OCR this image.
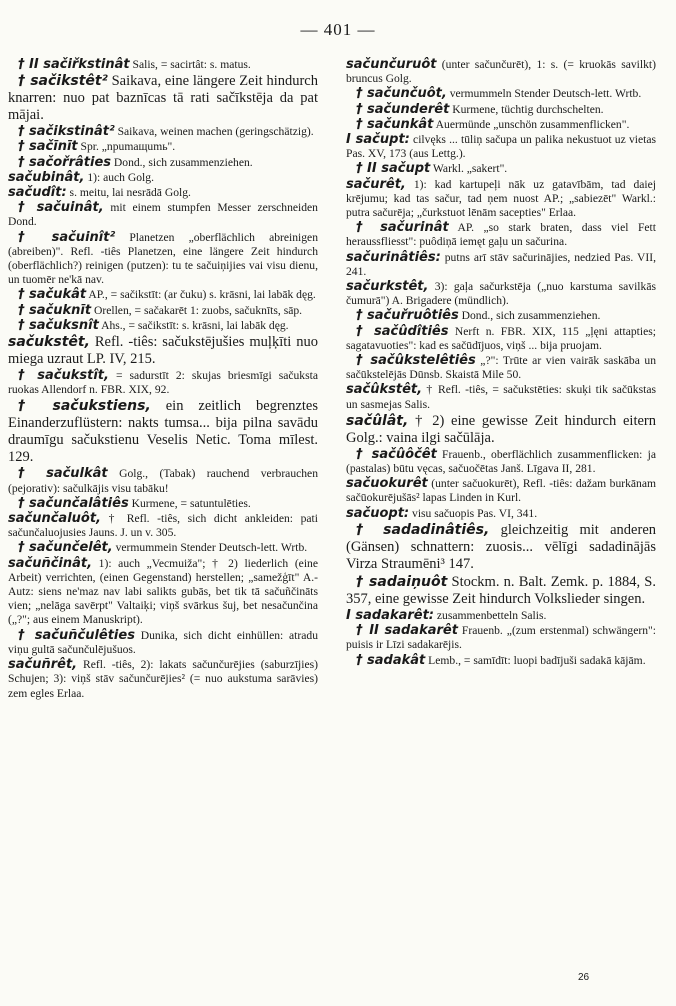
— 401 —

† II sačiřkstinât Salis, = sacirtât: s. matus.

† sačikstêt² Saikava, eine längere Zeit hindurch knarren: nuo pat baznīcas tā rati sačīkstēja da pat mājai.

† sačikstinât² Saikava, weinen machen (geringschätzig).

† sačīnīt Spr. „npumaщumь".

† sačořrâties Dond., sich zusammenziehen.

sačubinât, 1): auch Golg.

sačudît: s. meitu, lai nesrādā Golg.

† sačuinât, mit einem stumpfen Messer zerschneiden Dond.

† sačuinît² Planetzen „oberflächlich abreinigen (abreiben)". Refl. -tiês Planetzen, eine längere Zeit hindurch (oberflächlich?) reinigen (putzen): tu te sačuiņijies vai visu dienu, un tuomēr ne'kā nav.

† sačukât AP., = sačikstīt: (ar čuku) s. krāsni, lai labāk dęg.

† sačuknīt Orellen, = sačakarēt 1: zuobs, sačuknīts, sāp.

† sačuksnît Ahs., = sačikstīt: s. krāsni, lai labāk dęg.

sačukstêt, Refl. -tiês: sačukstējušies muļķīti nuo miega uzraut LP. IV, 215.

† sačukstît, = sadurstīt 2: skujas briesmīgi sačuksta ruokas Allendorf n. FBR. XIX, 92.

† sačukstiens, ein zeitlich begrenztes Einanderzuflüstern: nakts tumsa... bija pilna savādu draumīgu sačukstienu Veselis Netic. Toma mīlest. 129.

† sačulkât Golg., (Tabak) rauchend verbrauchen (pejorativ): sačulkājis visu tabāku!

† sačunčalâtiês Kurmene, = satuntulēties.

sačunčaluôt, † Refl. -tiês, sich dicht ankleiden: pati sačunčaluojusies Jauns. J. un v. 305.

† sačunčelêt, vermummein Stender Deutsch-lett. Wrtb.

sačuñčinât, 1): auch „Vecmuiža"; † 2) liederlich (eine Arbeit) verrichten, (einen Gegenstand) herstellen; „samežģīt" A.-Autz: siens ne'maz nav labi salikts gubās, bet tik tā sačuñčināts vien; „nelāga savērpt" Valtaiķi; viņš svārkus šuj, bet nesačunčina („?"; aus einem Manuskript).

† sačuñčulêties Dunika, sich dicht einhüllen: atradu viņu gultā sačunčulējušuos.

sačuñrêt, Refl. -tiês, 2): lakats sačunčurējies (saburzījies) Schujen; 3): viņš stāv sačunčurējies² (= nuo aukstuma sarāvies) zem egles Erlaa.

sačunčuruôt (unter sačunčurēt), 1: s. (= kruokās savilkt) bruncus Golg.

† sačunčuôt, vermummeln Stender Deutsch-lett. Wrtb.

† sačunderêt Kurmene, tüchtig durchschelten.

† sačunkât Auermünde „unschön zusammenflicken".

I sačupt: cilvęks ... tūliņ sačupa un palika nekustuot uz vietas Pas. XV, 173 (aus Lettg.).

† II sačupt Warkl. „sakert".

sačurêt, 1): kad kartupeļi nāk uz gatavībām, tad daiej krējumu; kad tas sačur, tad ņem nuost AP.; „sabiezēt" Warkl.: putra sačurēja; „čurkstuot lēnām sacepties" Erlaa.

† sačurinât AP. „so stark braten, dass viel Fett heraussfliesst": puôdiņā iemęt gaļu un sačurina.

sačurinâtiês: putns arī stāv sačurinājies, nedzied Pas. VII, 241.

sačurkstêt, 3): gaļa sačurkstēja („nuo karstuma savilkās čumurā") A. Brigadere (mündlich).

† sačuřruôtiês Dond., sich zusammenziehen.

† sačûdîtiês Nerft n. FBR. XIX, 115 „ļęni attapties; sagatavuoties": kad es sačūdījuos, viņš ... bija pruojam.

† sačûkstelêtiês „?": Trūte ar vien vairāk saskāba un sačūkstelējās Dūnsb. Skaistā Mile 50.

sačûkstêt, † Refl. -tiês, = sačukstēties: skuķi tik sačūkstas un sasmejas Salis.

sačûlât, † 2) eine gewisse Zeit hindurch eitern Golg.: vaina ilgi sačūlāja.

† sačûôčêt Frauenb., oberflächlich zusammenflicken: ja (pastalas) būtu vęcas, sačuočētas Janš. Līgava II, 281.

sačuokurêt (unter sačuokurēt), Refl. -tiês: dažam burkānam sačūokurējušās² lapas Linden in Kurl.

sačuopt: visu sačuopis Pas. VI, 341.

† sadadinâtiês, gleichzeitig mit anderen (Gänsen) schnattern: zuosis... vēlīgi sadadinājās Virza Straumēni³ 147.

† sadaiņuôt Stockm. n. Balt. Zemk. p. 1884, S. 357, eine gewisse Zeit hindurch Volkslieder singen.

I sadakarêt: zusammenbetteln Salis.

† II sadakarêt Frauenb. „(zum erstenmal) schwängern": puisis ir Līzi sadakarējis.

† sadakât Lemb., = samīdīt: luopi badījuši sadakā kājām.

26
